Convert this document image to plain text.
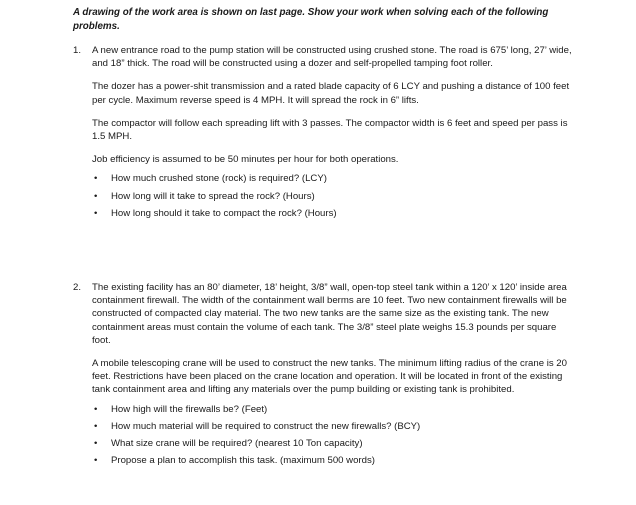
A drawing of the work area is shown on last page. Show your work when solving each of the following problems.
1. A new entrance road to the pump station will be constructed using crushed stone. The road is 675’ long, 27’ wide, and 18” thick. The road will be constructed using a dozer and self-propelled tamping foot roller.

The dozer has a power-shit transmission and a rated blade capacity of 6 LCY and pushing a distance of 100 feet per cycle. Maximum reverse speed is 4 MPH. It will spread the rock in 6” lifts.

The compactor will follow each spreading lift with 3 passes. The compactor width is 6 feet and speed per pass is 1.5 MPH.

Job efficiency is assumed to be 50 minutes per hour for both operations.

• How much crushed stone (rock) is required? (LCY)
• How long will it take to spread the rock? (Hours)
• How long should it take to compact the rock? (Hours)
2. The existing facility has an 80’ diameter, 18’ height, 3/8” wall, open-top steel tank within a 120’ x 120’ inside area containment firewall. The width of the containment wall berms are 10 feet. Two new containment firewalls will be constructed of compacted clay material. The two new tanks are the same size as the existing tank. The new containment areas must contain the volume of each tank. The 3/8” steel plate weighs 15.3 pounds per square foot.

A mobile telescoping crane will be used to construct the new tanks. The minimum lifting radius of the crane is 20 feet. Restrictions have been placed on the crane location and operation. It will be located in front of the existing tank containment area and lifting any materials over the pump building or existing tank is prohibited.

• How high will the firewalls be? (Feet)
• How much material will be required to construct the new firewalls? (BCY)
• What size crane will be required? (nearest 10 Ton capacity)
• Propose a plan to accomplish this task. (maximum 500 words)
